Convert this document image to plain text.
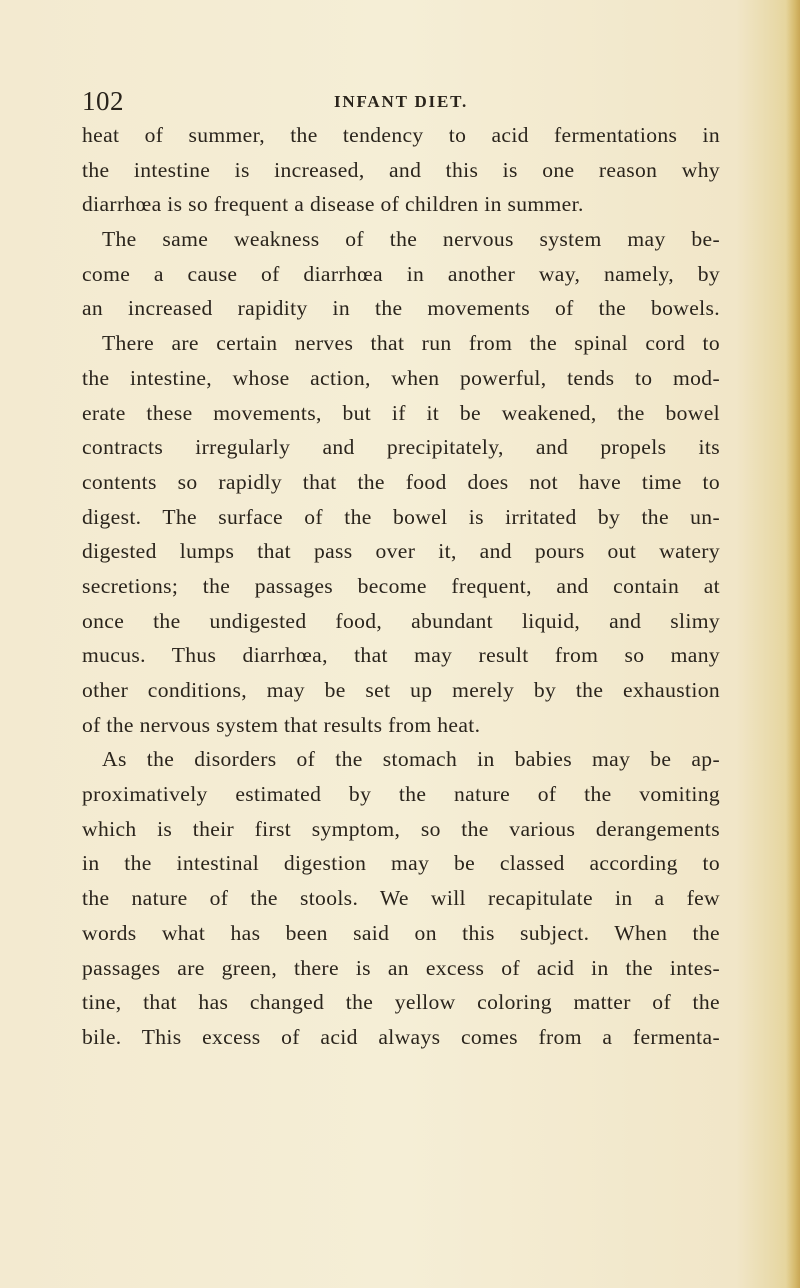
102	INFANT DIET.
heat of summer, the tendency to acid fermentations in
the intestine is increased, and this is one reason why
diarrhœa is so frequent a disease of children in summer.
The same weakness of the nervous system may be-
come a cause of diarrhœa in another way, namely, by
an increased rapidity in the movements of the bowels.
There are certain nerves that run from the spinal cord to
the intestine, whose action, when powerful, tends to mod-
erate these movements, but if it be weakened, the bowel
contracts irregularly and precipitately, and propels its
contents so rapidly that the food does not have time to
digest. The surface of the bowel is irritated by the un-
digested lumps that pass over it, and pours out watery
secretions; the passages become frequent, and contain at
once the undigested food, abundant liquid, and slimy
mucus. Thus diarrhœa, that may result from so many
other conditions, may be set up merely by the exhaustion
of the nervous system that results from heat.
As the disorders of the stomach in babies may be ap-
proximatively estimated by the nature of the vomiting
which is their first symptom, so the various derangements
in the intestinal digestion may be classed according to
the nature of the stools. We will recapitulate in a few
words what has been said on this subject. When the
passages are green, there is an excess of acid in the intes-
tine, that has changed the yellow coloring matter of the
bile. This excess of acid always comes from a fermenta-
